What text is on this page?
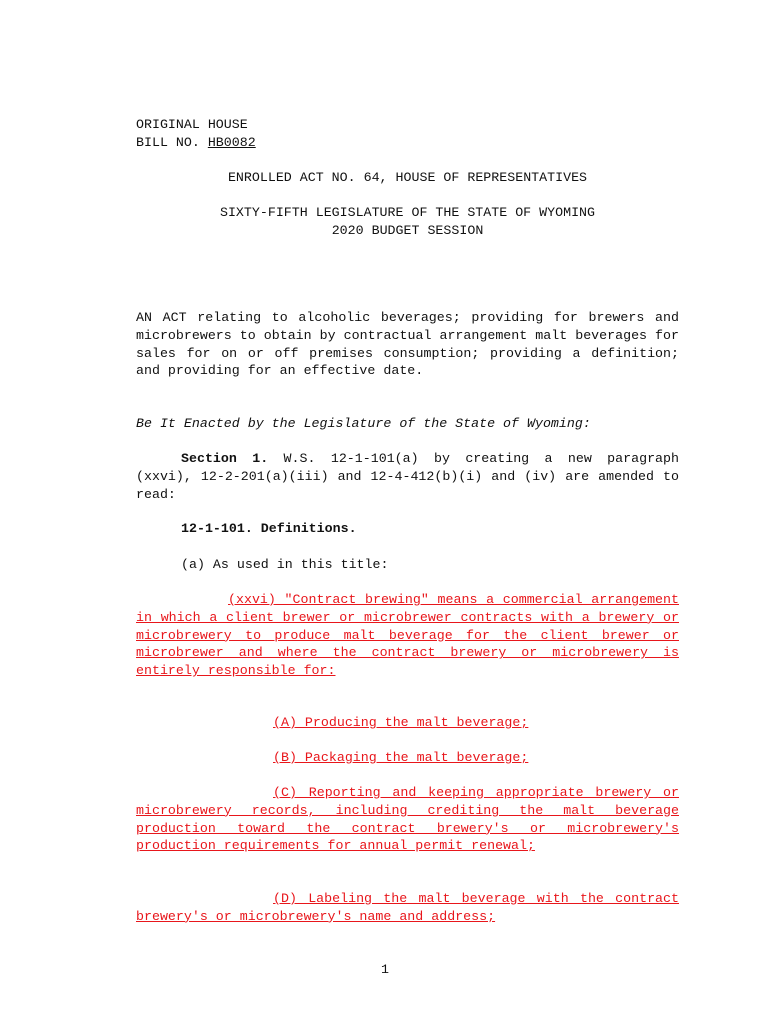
ORIGINAL HOUSE
BILL NO. HB0082
ENROLLED ACT NO. 64, HOUSE OF REPRESENTATIVES
SIXTY-FIFTH LEGISLATURE OF THE STATE OF WYOMING
2020 BUDGET SESSION
AN ACT relating to alcoholic beverages; providing for brewers and microbrewers to obtain by contractual arrangement malt beverages for sales for on or off premises consumption; providing a definition; and providing for an effective date.
Be It Enacted by the Legislature of the State of Wyoming:
Section 1. W.S. 12-1-101(a) by creating a new paragraph (xxvi), 12-2-201(a)(iii) and 12-4-412(b)(i) and (iv) are amended to read:
12-1-101. Definitions.
(a) As used in this title:
(xxvi) "Contract brewing" means a commercial arrangement in which a client brewer or microbrewer contracts with a brewery or microbrewery to produce malt beverage for the client brewer or microbrewer and where the contract brewery or microbrewery is entirely responsible for:
(A) Producing the malt beverage;
(B) Packaging the malt beverage;
(C) Reporting and keeping appropriate brewery or microbrewery records, including crediting the malt beverage production toward the contract brewery's or microbrewery's production requirements for annual permit renewal;
(D) Labeling the malt beverage with the contract brewery's or microbrewery's name and address;
1
